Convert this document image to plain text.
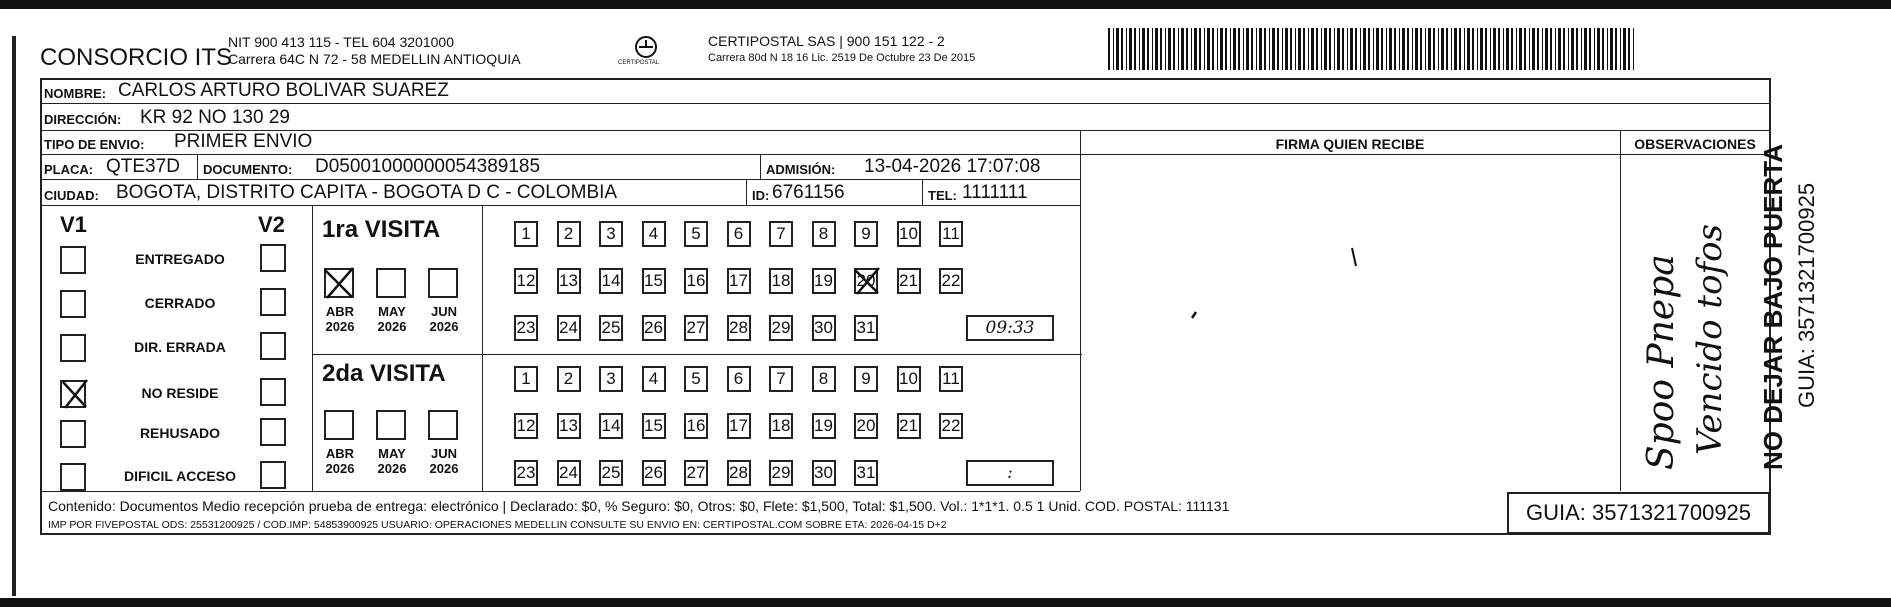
CONSORCIO ITS
NIT 900 413 115 - TEL 604 3201000
Carrera 64C N 72 - 58 MEDELLIN ANTIOQUIA	CERTIPOSTAL
CERTIPOSTAL SAS | 900 151 122 - 2
Carrera 80d N 18 16 Lic. 2519 De Octubre 23 De 2015
NOMBRE: CARLOS ARTURO BOLIVAR SUAREZ
DIRECCIÓN: KR 92 NO 130 29
TIPO DE ENVIO: PRIMER ENVIO
PLACA: QTE37D DOCUMENTO: D05001000000054389185	ADMISIÓN: 13-04-2026 17:07:08
CIUDAD: BOGOTA, DISTRITO CAPITA - BOGOTA D C - COLOMBIA	ID: 6761156	TEL: 1111111
FIRMA QUIEN RECIBE	OBSERVACIONES
Spoo Pnepa Vencido tofos
V1	V2
ENTREGADO
CERRADO
DIR. ERRADA
NO RESIDE
REHUSADO
DIFICIL ACCESO
1ra VISITA
2da VISITA
ABR
2026
MAY
2026
JUN
2026
ABR
2026
MAY
2026
JUN
2026
1	2	3	4	5	6	7	8	9	10 11
12 13 14 15 16 17 18 19 20 21 22
23 24 25 26 27 28 29 30 31	09:33
1	2	3	4	5	6	7	8	9	10 11
12 13 14 15 16 17 18 19 20 21 22
23 24 25 26 27 28 29 30 31	:
Contenido: Documentos Medio recepción prueba de entrega: electrónico | Declarado: $0, % Seguro: $0, Otros: $0, Flete: $1,500, Total: $1,500. Vol.: 1*1*1. 0.5 1 Unid. COD. POSTAL: 111131
IMP POR FIVEPOSTAL ODS: 25531200925 / COD.IMP: 54853900925 USUARIO: OPERACIONES MEDELLIN CONSULTE SU ENVIO EN: CERTIPOSTAL.COM SOBRE ETA: 2026-04-15 D+2	GUIA: 3571321700925
NO DEJAR BAJO PUERTA GUIA: 3571321700925
